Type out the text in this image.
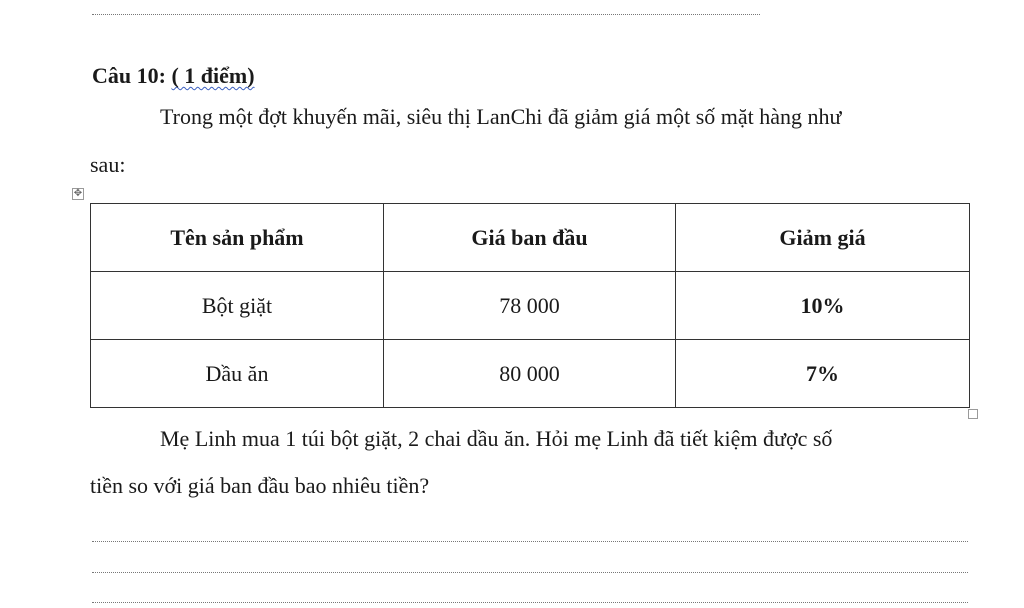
Câu 10: ( 1 điểm)
Trong một đợt khuyến mãi, siêu thị LanChi đã giảm giá một số mặt hàng như
sau:
✥
Tên sản phẩm	Giá ban đầu	Giảm giá
Bột giặt	78 000	10%
Dầu ăn	80 000	7%
Mẹ Linh mua 1 túi bột giặt, 2 chai dầu ăn. Hỏi mẹ Linh đã tiết kiệm được số
tiền so với giá ban đầu bao nhiêu tiền?
